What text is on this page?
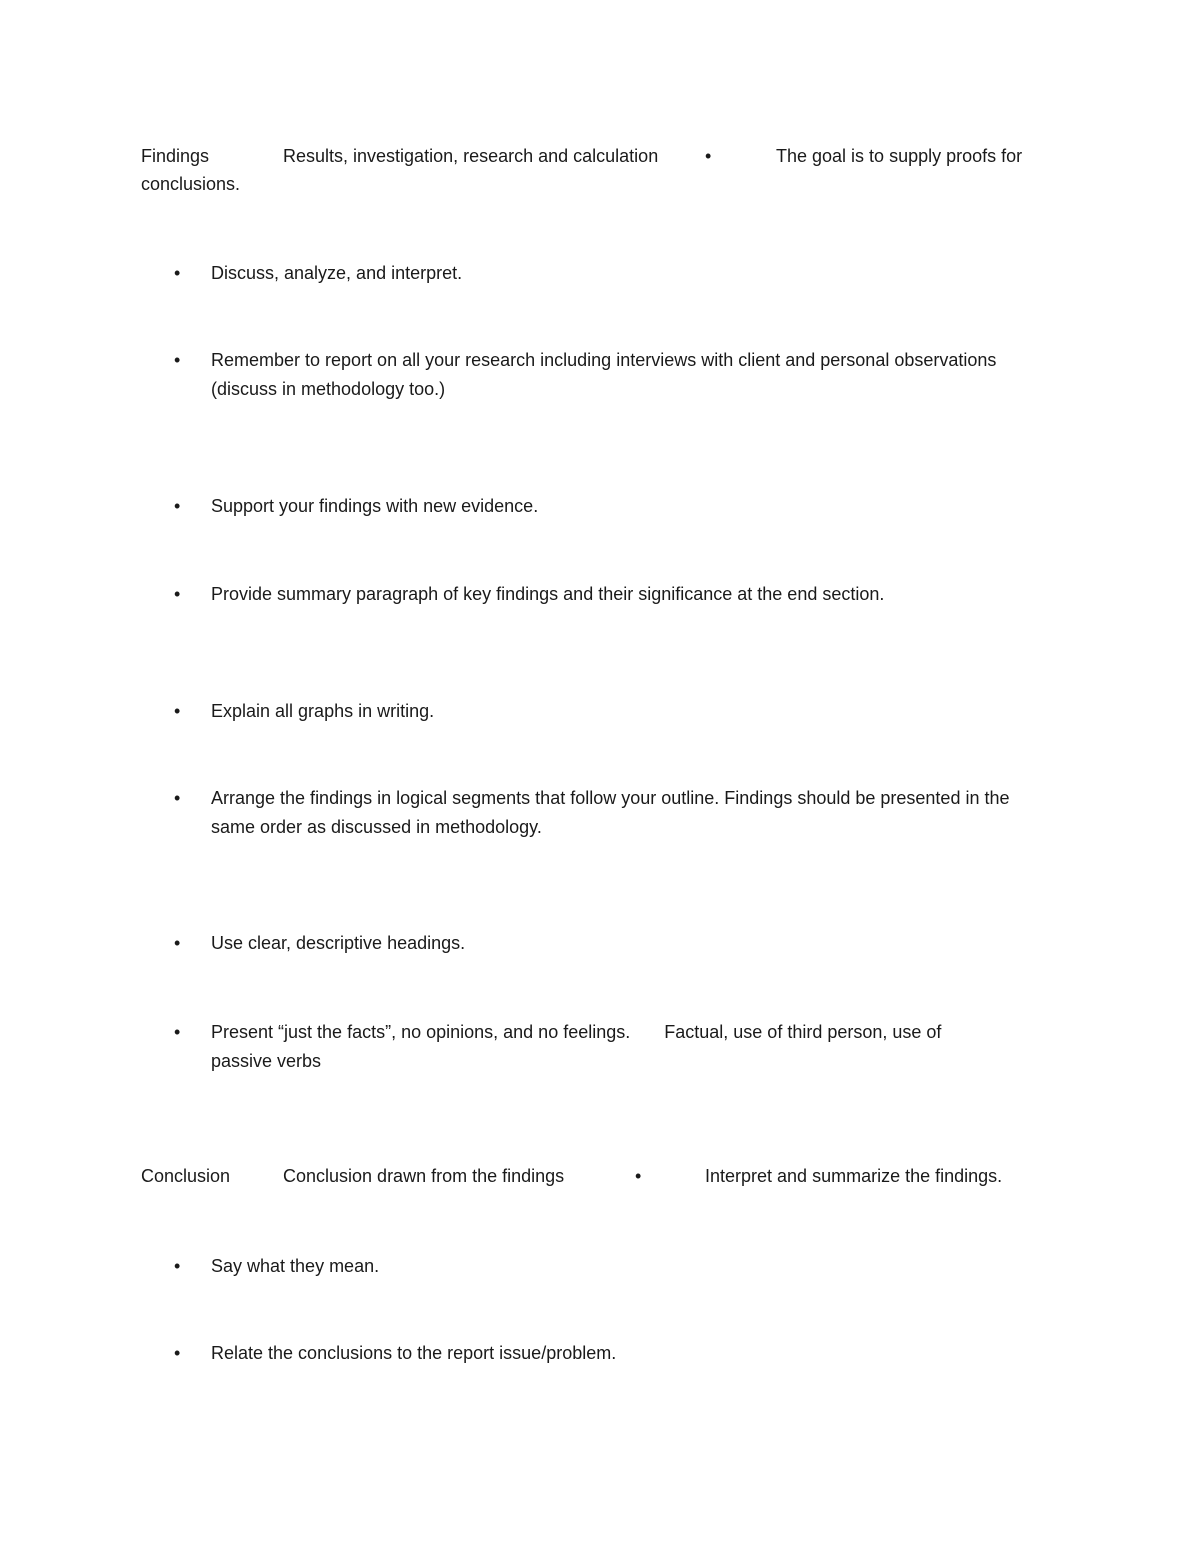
Findings	Results, investigation, research and calculation	•	The goal is to supply proofs for
conclusions.
•	Discuss, analyze, and interpret.
•	Remember to report on all your research including interviews with client and personal observations (discuss in methodology too.)
•	Support your findings with new evidence.
•	Provide summary paragraph of key findings and their significance at the end section.
•	Explain all graphs in writing.
•	Arrange the findings in logical segments that follow your outline. Findings should be presented in the same order as discussed in methodology.
•	Use clear, descriptive headings.
•	Present “just the facts”, no opinions, and no feelings. Factual, use of third person, use of
passive verbs
Conclusion	Conclusion drawn from the findings	•	Interpret and summarize the findings.
•	Say what they mean.
•	Relate the conclusions to the report issue/problem.
